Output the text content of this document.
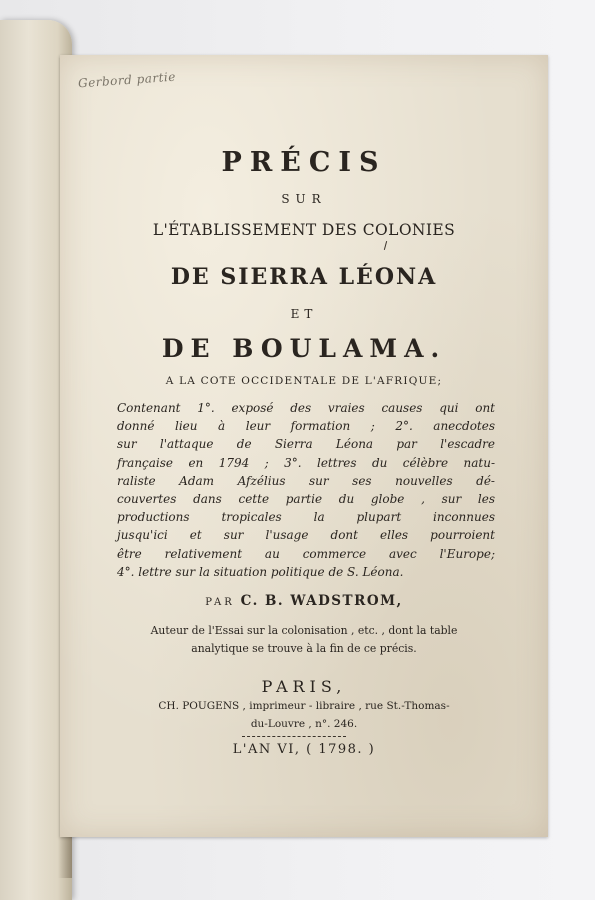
Gerbord partie
PRÉCIS
SUR
L'ÉTABLISSEMENT DES COLONIES
DE SIERRA LÉONA
ET
DE BOULAMA.
A LA COTE OCCIDENTALE DE L'AFRIQUE;
Contenant 1°. exposé des vraies causes qui ont
donné lieu à leur formation ; 2°. anecdotes
sur l'attaque de Sierra Léona par l'escadre
française en 1794 ; 3°. lettres du célèbre natu-
raliste Adam Afzélius sur ses nouvelles dé-
couvertes dans cette partie du globe , sur les
productions tropicales la plupart inconnues
jusqu'ici et sur l'usage dont elles pourroient
être relativement au commerce avec l'Europe;
4°. lettre sur la situation politique de S. Léona.
PAR C. B. WADSTROM,
Auteur de l'Essai sur la colonisation , etc. , dont la table
analytique se trouve à la fin de ce précis.
PARIS,
CH. POUGENS , imprimeur - libraire , rue St.-Thomas-
du-Louvre , n°. 246.
L'AN VI, ( 1798. )
